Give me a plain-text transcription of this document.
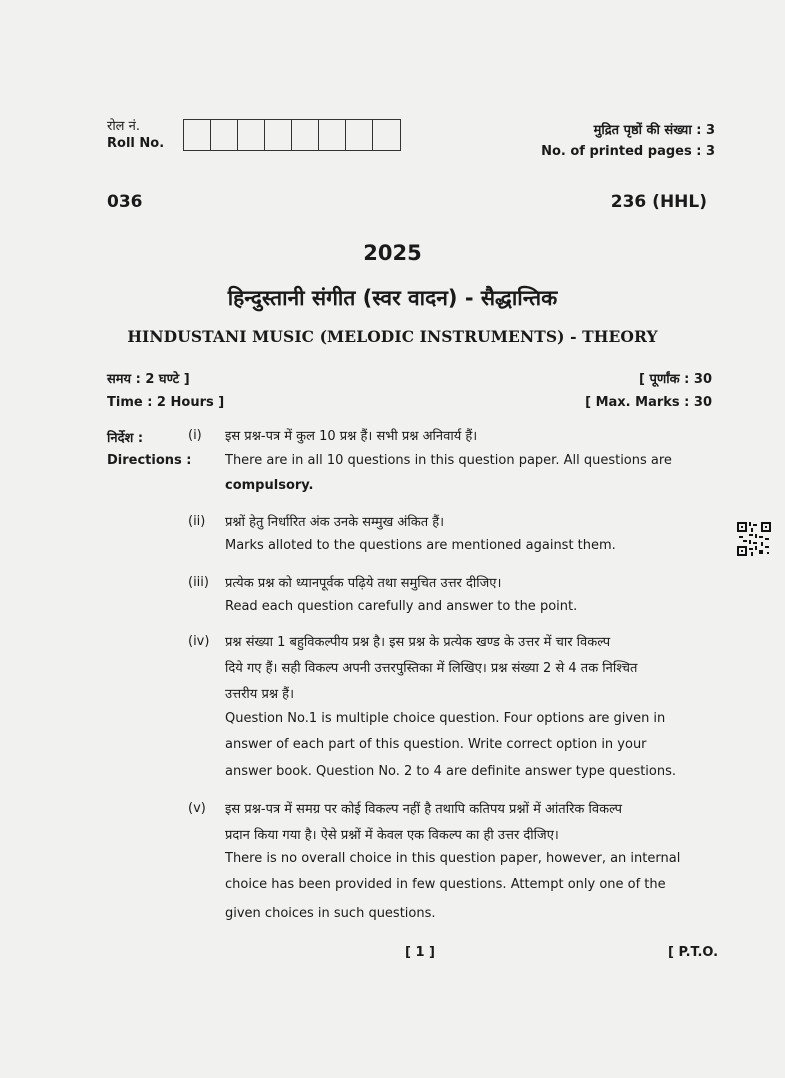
रोल नं.
Roll No.
मुद्रित पृष्ठों की संख्या : 3
No. of printed pages : 3
036	236 (HHL)
2025
हिन्दुस्तानी संगीत (स्वर वादन) - सैद्धान्तिक
HINDUSTANI MUSIC (MELODIC INSTRUMENTS) - THEORY
समय : 2 घण्टे ]
Time : 2 Hours ]
[ पूर्णांक : 30
[ Max. Marks : 30
निर्देश :
Directions :
(i) इस प्रश्न-पत्र में कुल 10 प्रश्न हैं। सभी प्रश्न अनिवार्य हैं।
There are in all 10 questions in this question paper. All questions are
compulsory.
(ii) प्रश्नों हेतु निर्धारित अंक उनके सम्मुख अंकित हैं।
Marks alloted to the questions are mentioned against them.
(iii) प्रत्येक प्रश्न को ध्यानपूर्वक पढ़िये तथा समुचित उत्तर दीजिए।
Read each question carefully and answer to the point.
(iv) प्रश्न संख्या 1 बहुविकल्पीय प्रश्न है। इस प्रश्न के प्रत्येक खण्ड के उत्तर में चार विकल्प
दिये गए हैं। सही विकल्प अपनी उत्तरपुस्तिका में लिखिए। प्रश्न संख्या 2 से 4 तक निश्चित
उत्तरीय प्रश्न हैं।
Question No.1 is multiple choice question. Four options are given in
answer of each part of this question. Write correct option in your
answer book. Question No. 2 to 4 are definite answer type questions.
(v) इस प्रश्न-पत्र में समग्र पर कोई विकल्प नहीं है तथापि कतिपय प्रश्नों में आंतरिक विकल्प
प्रदान किया गया है। ऐसे प्रश्नों में केवल एक विकल्प का ही उत्तर दीजिए।
There is no overall choice in this question paper, however, an internal
choice has been provided in few questions. Attempt only one of the
given choices in such questions.
[ 1 ]	[ P.T.O.
